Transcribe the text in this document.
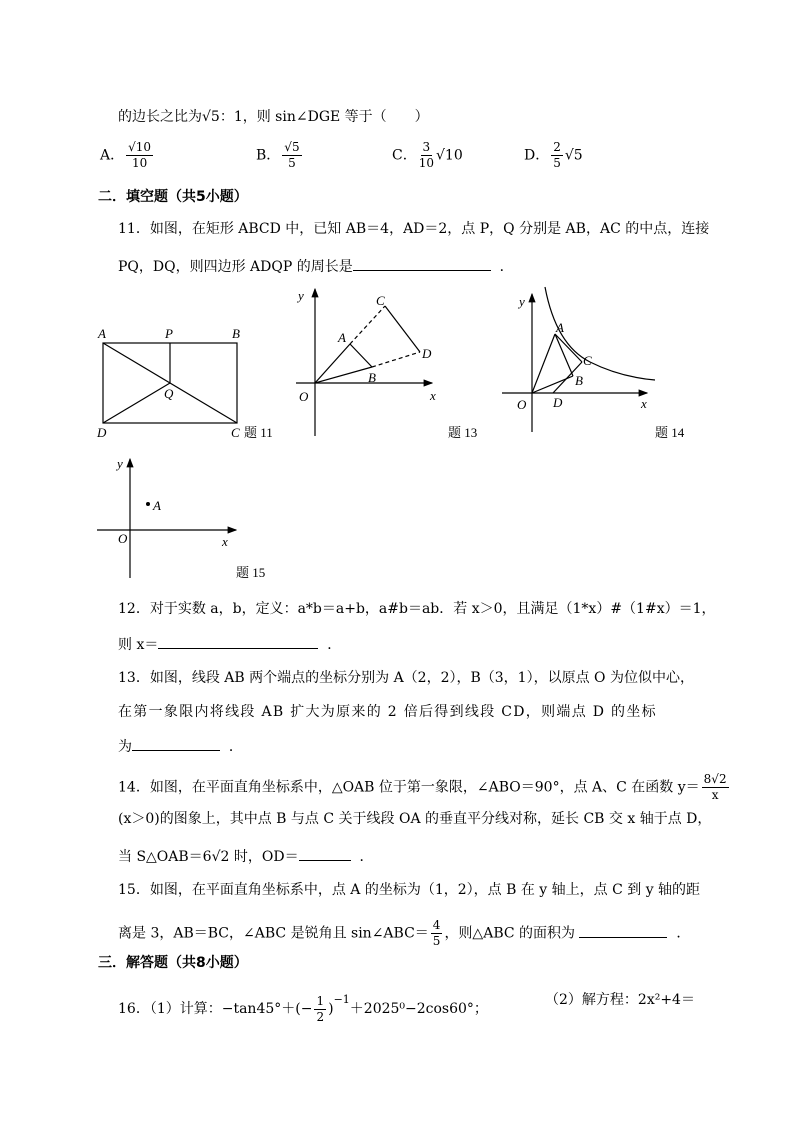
的边长之比为√5：1，则 sin∠DGE 等于（　　）
A． $\frac{√10}{10}$	B． $\frac{√5}{5}$	C． $\frac{3}{10} √10$	D． $\frac{2}{5} √5$
二．填空题（共5小题）
11．如图，在矩形 ABCD 中，已知 AB＝4，AD＝2，点 P，Q 分别是 AB，AC 的中点，连接
PQ，DQ，则四边形 ADQP 的周长是	．
A	P	B
Q
D	C 题 11
y
x
O
A
B
C
D
题 13
y
x
O
A
B
C
D
题 14
y
x
O
A
题 15
12．对于实数 a，b，定义：a*b＝a+b，a#b＝ab．若 x＞0，且满足（1*x）#（1#x）＝1，
则 x＝	．
13．如图，线段 AB 两个端点的坐标分别为 A（2，2），B（3，1），以原点 O 为位似中心，
在第一象限内将线段 AB 扩大为原来的 2 倍后得到线段 CD，则端点 D 的坐标
为	．
14．如图，在平面直角坐标系中，△OAB 位于第一象限，∠ABO＝90°，点 A、C 在函数 $y= \frac{8√2}{x}$
(x＞0)的图象上，其中点 B 与点 C 关于线段 OA 的垂直平分线对称，延长 CB 交 x 轴于点 D，
当 S△OAB＝6√2 时，OD＝	．
15．如图，在平面直角坐标系中，点 A 的坐标为（1，2），点 B 在 y 轴上，点 C 到 y 轴的距
离是 3，AB＝BC，∠ABC 是锐角且 sin∠ABC＝ $\frac{4}{5}$ ，则△ABC 的面积为	．
三．解答题（共8小题）
16．（1）计算：$-\tan 45^\circ+(- \frac{1}{2} )^{-1}+2025^0-2\cos 60^\circ$；
（2）解方程：2x²+4＝
